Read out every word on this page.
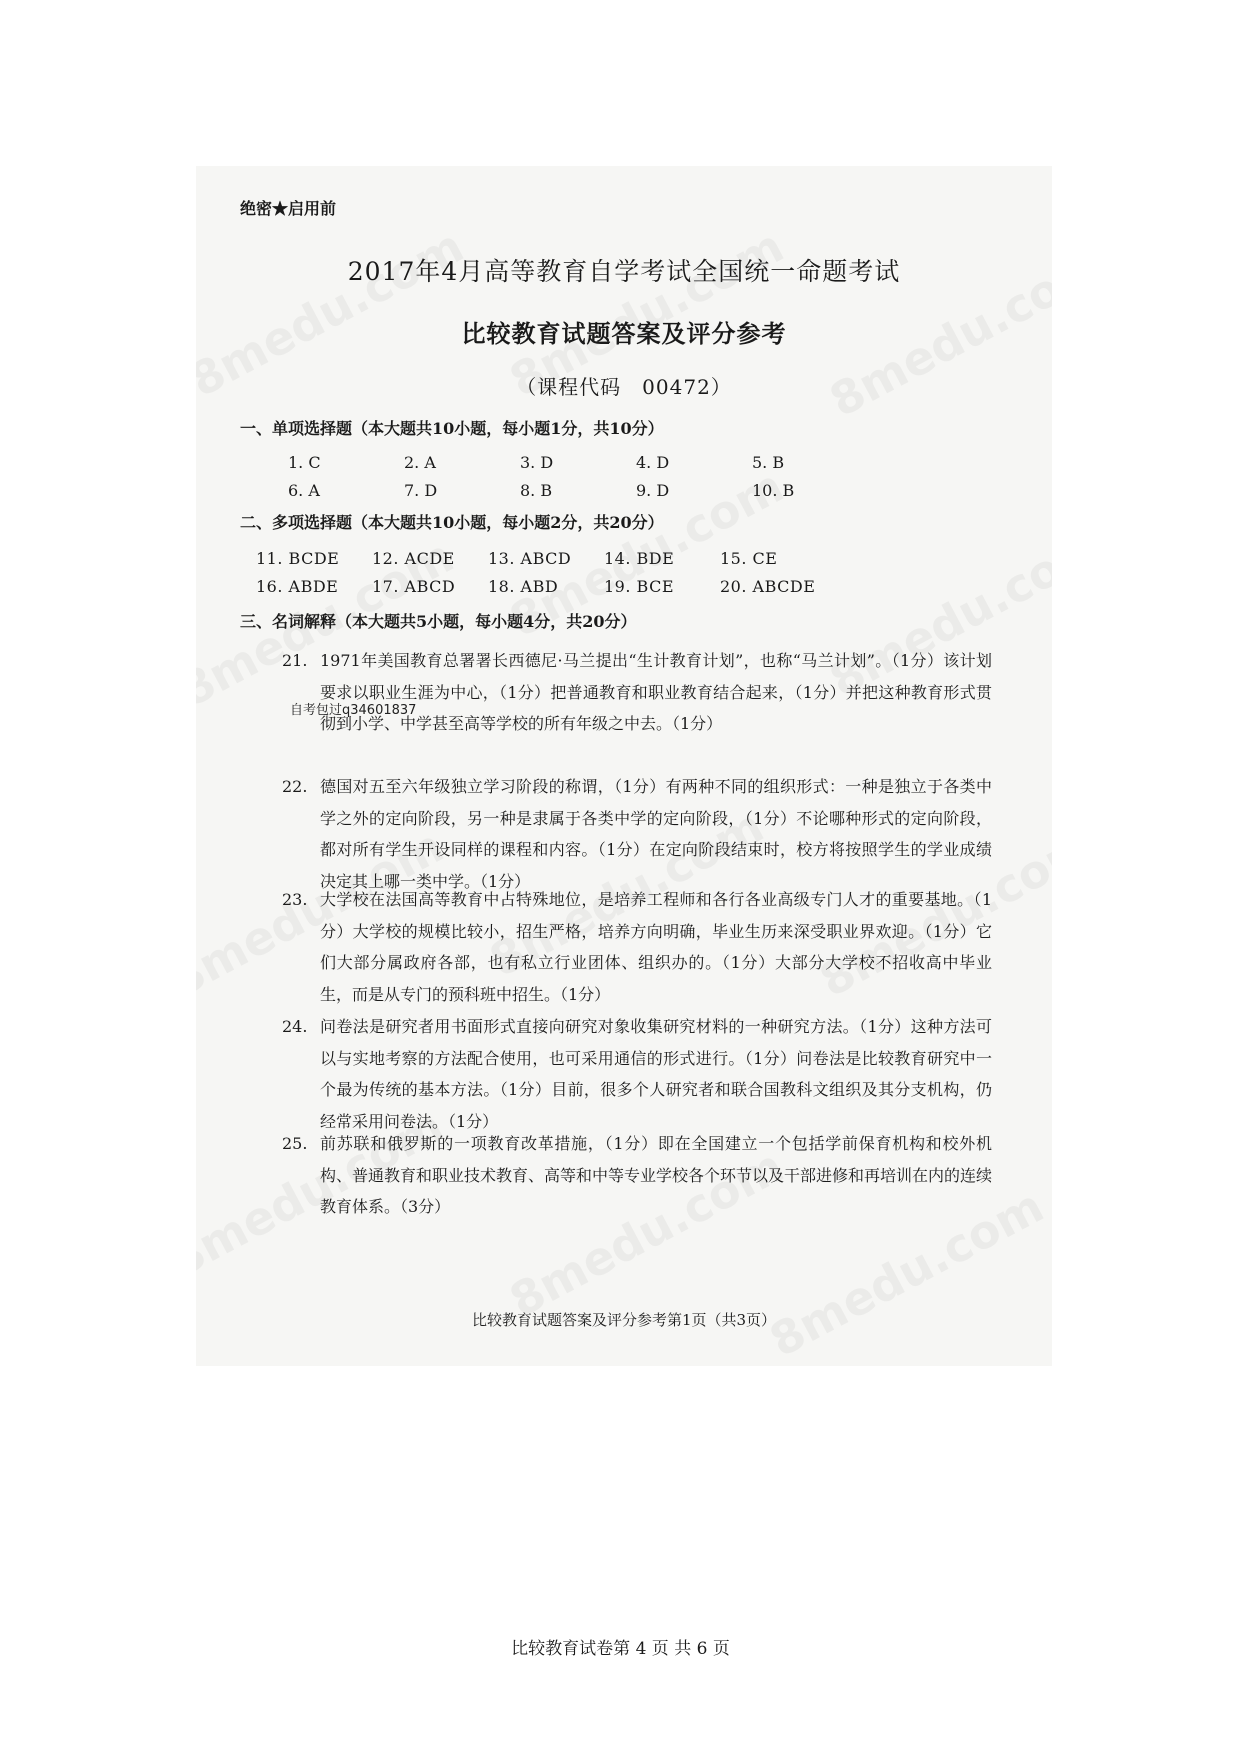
绝密★启用前
2017年4月高等教育自学考试全国统一命题考试
比较教育试题答案及评分参考
（课程代码　00472）
一、单项选择题（本大题共10小题，每小题1分，共10分）
1. C	2. A	3. D	4. D	5. B
6. A	7. D	8. B	9. D	10. B
二、多项选择题（本大题共10小题，每小题2分，共20分）
11. BCDE	12. ACDE	13. ABCD	14. BDE	15. CE
16. ABDE	17. ABCD	18. ABD	19. BCE	20. ABCDE
三、名词解释（本大题共5小题，每小题4分，共20分）
21. 1971年美国教育总署署长西德尼·马兰提出“生计教育计划”，也称“马兰计划”。（1分）该计划要求以职业生涯为中心，（1分）把普通教育和职业教育结合起来，（1分）并把这种教育形式贯彻到小学、中学甚至高等学校的所有年级之中去。（1分）
22. 德国对五至六年级独立学习阶段的称谓，（1分）有两种不同的组织形式：一种是独立于各类中学之外的定向阶段，另一种是隶属于各类中学的定向阶段，（1分）不论哪种形式的定向阶段，都对所有学生开设同样的课程和内容。（1分）在定向阶段结束时，校方将按照学生的学业成绩决定其上哪一类中学。（1分）
23. 大学校在法国高等教育中占特殊地位，是培养工程师和各行各业高级专门人才的重要基地。（1分）大学校的规模比较小，招生严格，培养方向明确，毕业生历来深受职业界欢迎。（1分）它们大部分属政府各部，也有私立行业团体、组织办的。（1分）大部分大学校不招收高中毕业生，而是从专门的预科班中招生。（1分）
24. 问卷法是研究者用书面形式直接向研究对象收集研究材料的一种研究方法。（1分）这种方法可以与实地考察的方法配合使用，也可采用通信的形式进行。（1分）问卷法是比较教育研究中一个最为传统的基本方法。（1分）目前，很多个人研究者和联合国教科文组织及其分支机构，仍经常采用问卷法。（1分）
25. 前苏联和俄罗斯的一项教育改革措施，（1分）即在全国建立一个包括学前保育机构和校外机构、普通教育和职业技术教育、高等和中等专业学校各个环节以及干部进修和再培训在内的连续教育体系。（3分）
比较教育试题答案及评分参考第1页（共3页）
自考包过q34601837
比较教育试卷第 4 页 共 6 页
